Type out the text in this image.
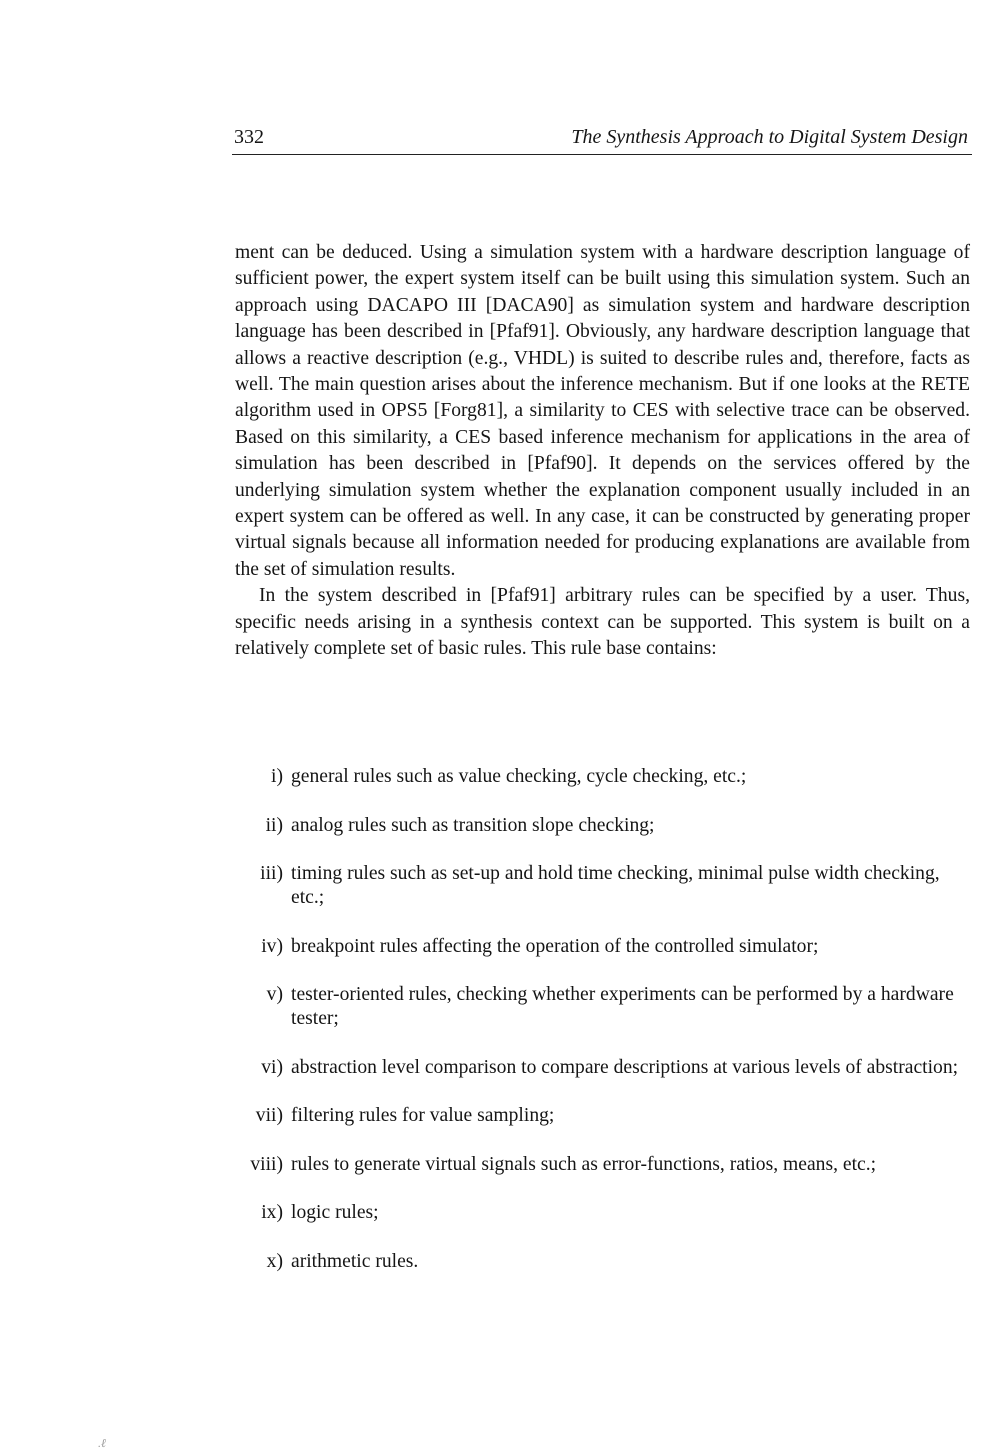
332	The Synthesis Approach to Digital System Design

ment can be deduced. Using a simulation system with a hardware description language of sufficient power, the expert system itself can be built using this simulation system. Such an approach using DACAPO III [DACA90] as simulation system and hardware description language has been described in [Pfaf91]. Obviously, any hardware description language that allows a reactive description (e.g., VHDL) is suited to describe rules and, therefore, facts as well. The main question arises about the inference mechanism. But if one looks at the RETE algorithm used in OPS5 [Forg81], a similarity to CES with selective trace can be observed. Based on this similarity, a CES based inference mechanism for applications in the area of simulation has been described in [Pfaf90]. It depends on the services offered by the underlying simulation system whether the explanation component usually included in an expert system can be offered as well. In any case, it can be constructed by generating proper virtual signals because all information needed for producing explanations are available from the set of simulation results.

In the system described in [Pfaf91] arbitrary rules can be specified by a user. Thus, specific needs arising in a synthesis context can be supported. This system is built on a relatively complete set of basic rules. This rule base contains:

i) general rules such as value checking, cycle checking, etc.;
ii) analog rules such as transition slope checking;
iii) timing rules such as set-up and hold time checking, minimal pulse width checking, etc.;
iv) breakpoint rules affecting the operation of the controlled simulator;
v) tester-oriented rules, checking whether experiments can be performed by a hardware tester;
vi) abstraction level comparison to compare descriptions at various levels of abstraction;
vii) filtering rules for value sampling;
viii) rules to generate virtual signals such as error-functions, ratios, means, etc.;
ix) logic rules;
x) arithmetic rules.
.ℓ
